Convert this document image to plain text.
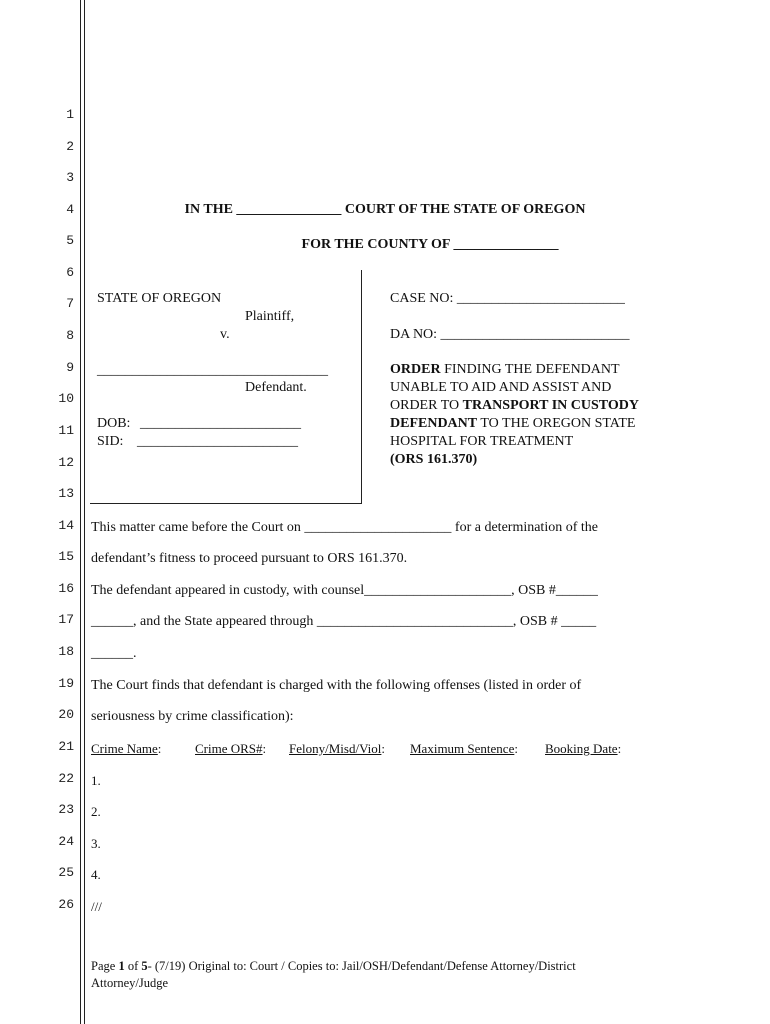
1
2
3
4
5
6
7
8
9
10
11
12
13
14
15
16
17
18
19
20
21
22
23
24
25
26
IN THE _______________ COURT OF THE STATE OF OREGON
FOR THE COUNTY OF _______________
STATE OF OREGON
Plaintiff,
v.
_________________________________
Defendant.
DOB: _______________________
SID: _______________________
CASE NO: ________________________
DA NO: ___________________________
ORDER FINDING THE DEFENDANT
UNABLE TO AID AND ASSIST AND
ORDER TO TRANSPORT IN CUSTODY
DEFENDANT TO THE OREGON STATE
HOSPITAL FOR TREATMENT
(ORS 161.370)
This matter came before the Court on _____________________ for a determination of the
defendant’s fitness to proceed pursuant to ORS 161.370.
The defendant appeared in custody, with counsel_____________________, OSB #______
______, and the State appeared through ____________________________, OSB # _____
______.
The Court finds that defendant is charged with the following offenses (listed in order of
seriousness by crime classification):
Crime Name:	Crime ORS#: Felony/Misd/Viol: Maximum Sentence: Booking Date:
1.
2.
3.
4.
///
Page 1 of 5- (7/19) Original to: Court / Copies to: Jail/OSH/Defendant/Defense Attorney/District Attorney/Judge
